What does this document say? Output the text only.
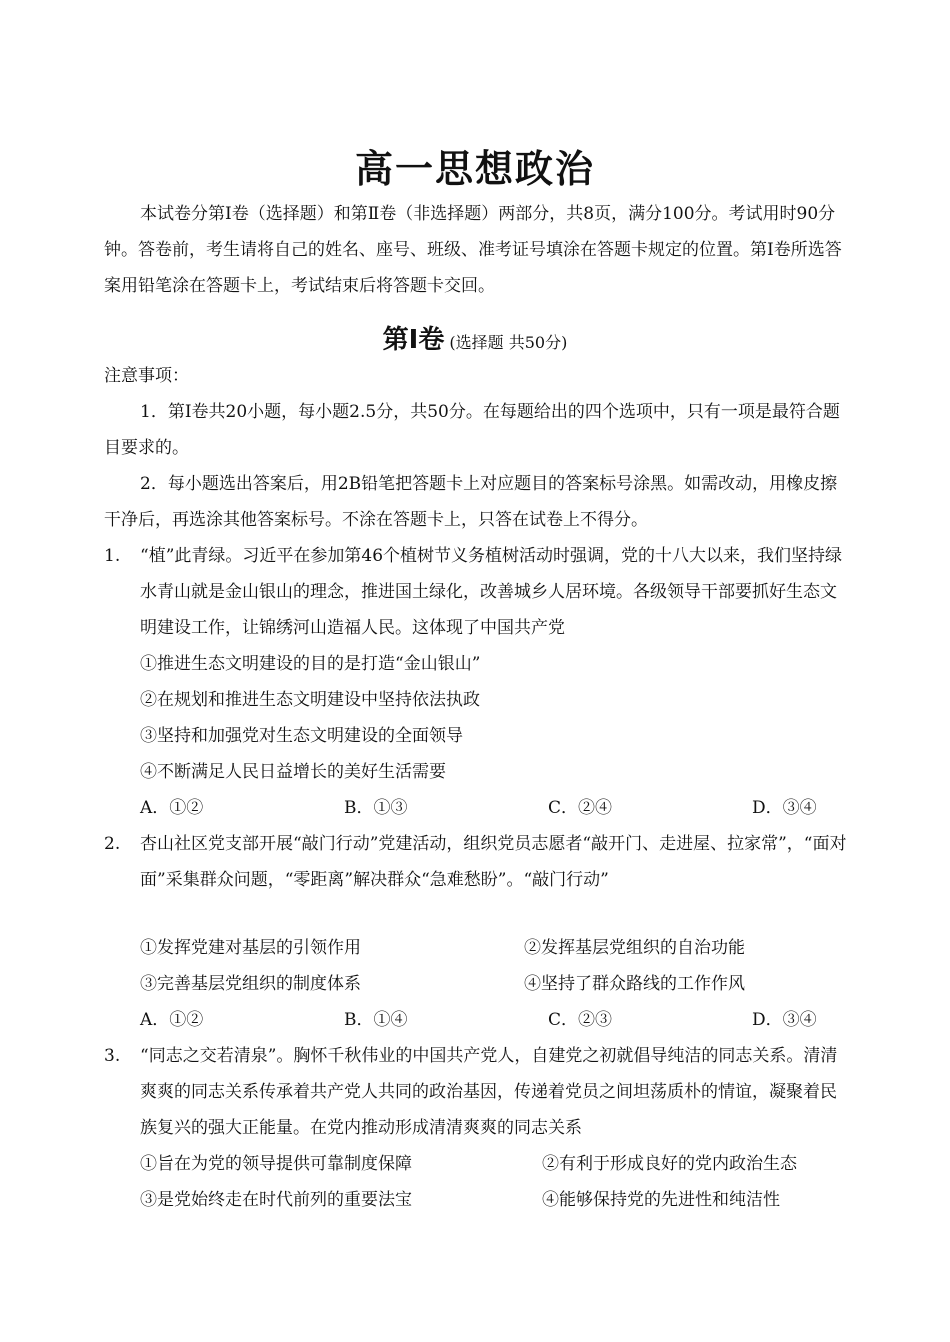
高一思想政治
本试卷分第Ⅰ卷（选择题）和第Ⅱ卷（非选择题）两部分，共8页，满分100分。考试用时90分钟。答卷前，考生请将自己的姓名、座号、班级、准考证号填涂在答题卡规定的位置。第Ⅰ卷所选答案用铅笔涂在答题卡上，考试结束后将答题卡交回。
第Ⅰ卷 (选择题 共50分)
注意事项：
1．第Ⅰ卷共20小题，每小题2.5分，共50分。在每题给出的四个选项中，只有一项是最符合题目要求的。
2．每小题选出答案后，用2B铅笔把答题卡上对应题目的答案标号涂黑。如需改动，用橡皮擦干净后，再选涂其他答案标号。不涂在答题卡上，只答在试卷上不得分。
1. “植”此青绿。习近平在参加第46个植树节义务植树活动时强调，党的十八大以来，我们坚持绿水青山就是金山银山的理念，推进国土绿化，改善城乡人居环境。各级领导干部要抓好生态文明建设工作，让锦绣河山造福人民。这体现了中国共产党

①推进生态文明建设的目的是打造“金山银山”
②在规划和推进生态文明建设中坚持依法执政
③坚持和加强党对生态文明建设的全面领导
④不断满足人民日益增长的美好生活需要
A．①②	B．①③	C．②④	D．③④
2. 杏山社区党支部开展“敲门行动”党建活动，组织党员志愿者“敲开门、走进屋、拉家常”，“面对面”采集群众问题，“零距离”解决群众“急难愁盼”。“敲门行动”

①发挥党建对基层的引领作用	②发挥基层党组织的自治功能
③完善基层党组织的制度体系	④坚持了群众路线的工作作风
A．①②	B．①④	C．②③	D．③④
3. “同志之交若清泉”。胸怀千秋伟业的中国共产党人，自建党之初就倡导纯洁的同志关系。清清爽爽的同志关系传承着共产党人共同的政治基因，传递着党员之间坦荡质朴的情谊，凝聚着民族复兴的强大正能量。在党内推动形成清清爽爽的同志关系

①旨在为党的领导提供可靠制度保障	②有利于形成良好的党内政治生态
③是党始终走在时代前列的重要法宝	④能够保持党的先进性和纯洁性
